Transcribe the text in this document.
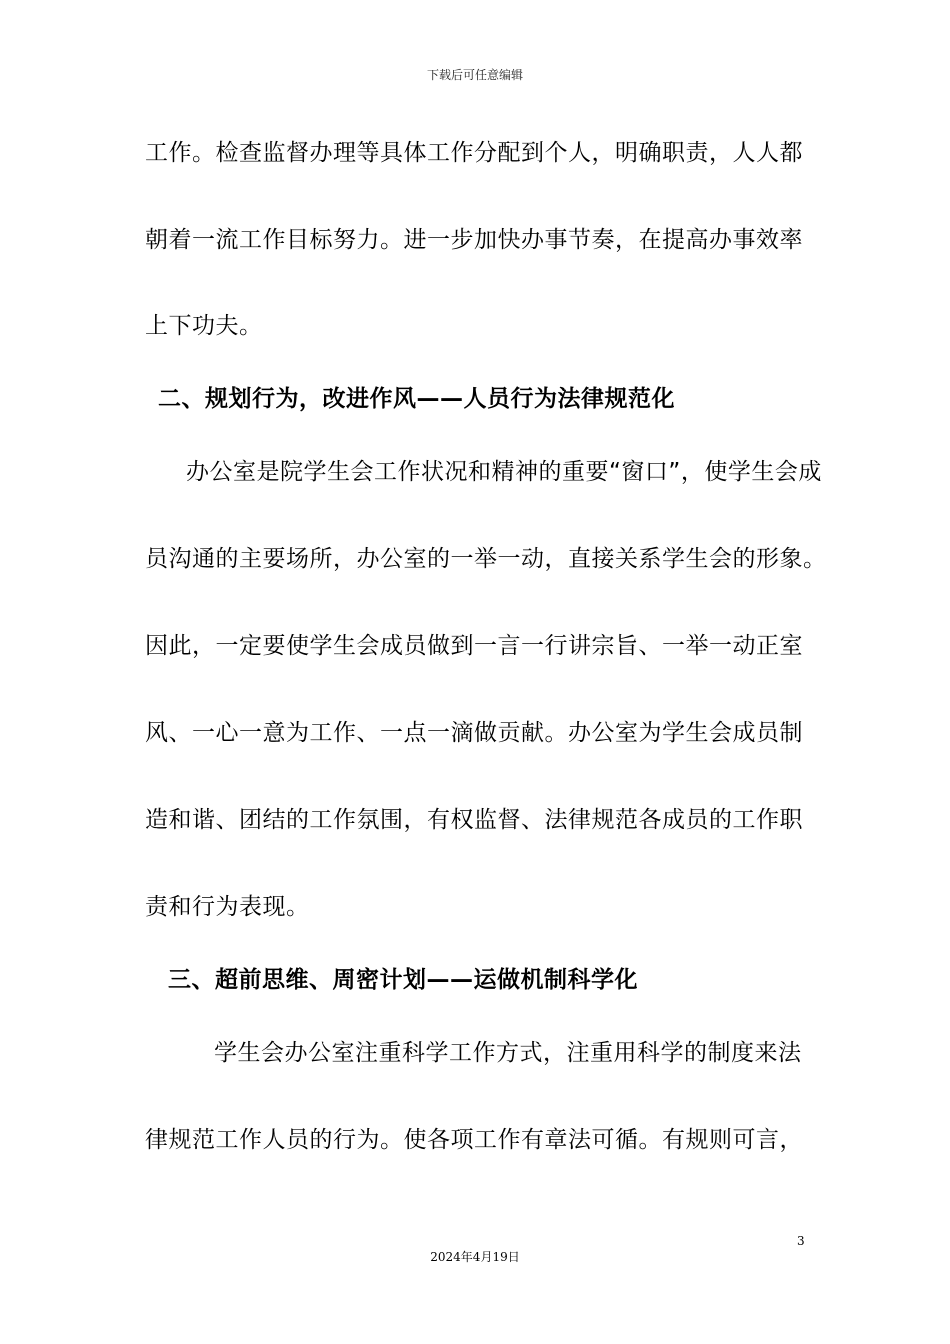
下载后可任意编辑
工作。检查监督办理等具体工作分配到个人，明确职责，人人都
朝着一流工作目标努力。进一步加快办事节奏，在提高办事效率
上下功夫。
二、规划行为，改进作风——人员行为法律规范化
办公室是院学生会工作状况和精神的重要“窗口”，使学生会成
员沟通的主要场所，办公室的一举一动，直接关系学生会的形象。
因此，一定要使学生会成员做到一言一行讲宗旨、一举一动正室
风、一心一意为工作、一点一滴做贡献。办公室为学生会成员制
造和谐、团结的工作氛围，有权监督、法律规范各成员的工作职
责和行为表现。
三、超前思维、周密计划——运做机制科学化
学生会办公室注重科学工作方式，注重用科学的制度来法
律规范工作人员的行为。使各项工作有章法可循。有规则可言，
3
2024年4月19日
